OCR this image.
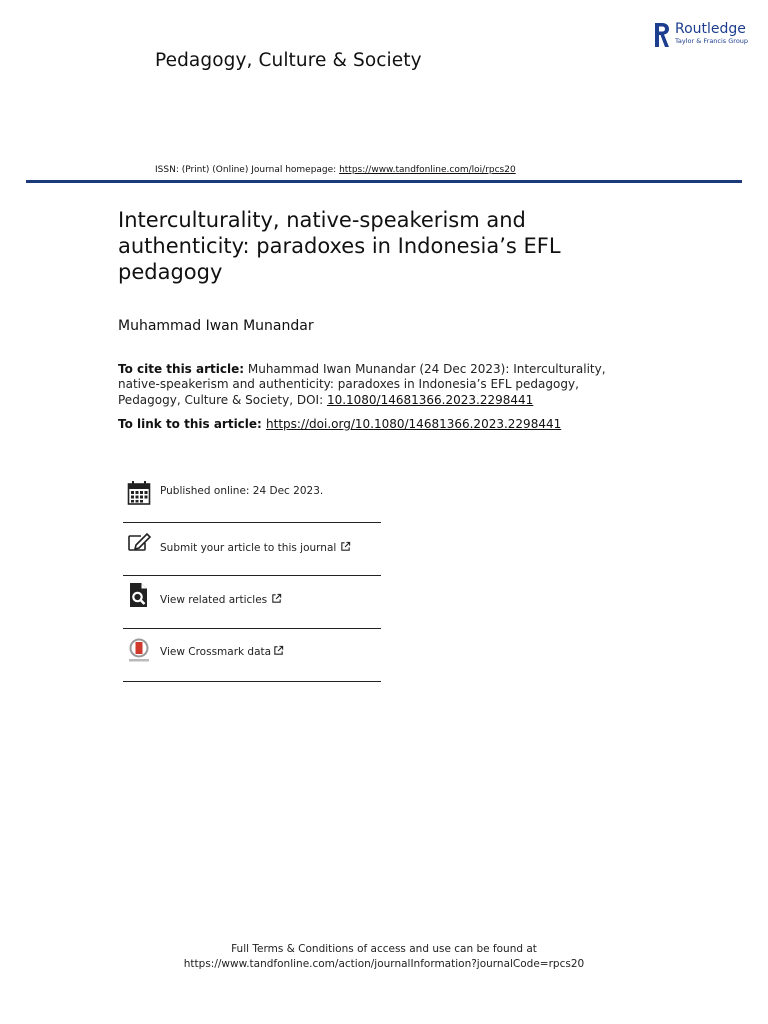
Pedagogy, Culture & Society
Routledge
Taylor & Francis Group
ISSN: (Print) (Online) Journal homepage: https://www.tandfonline.com/loi/rpcs20
Interculturality, native-speakerism and authenticity: paradoxes in Indonesia’s EFL pedagogy
Muhammad Iwan Munandar
To cite this article: Muhammad Iwan Munandar (24 Dec 2023): Interculturality, native-speakerism and authenticity: paradoxes in Indonesia’s EFL pedagogy, Pedagogy, Culture & Society, DOI: 10.1080/14681366.2023.2298441
To link to this article: https://doi.org/10.1080/14681366.2023.2298441
Published online: 24 Dec 2023.
Submit your article to this journal
View related articles
View Crossmark data
Full Terms & Conditions of access and use can be found at
https://www.tandfonline.com/action/journalInformation?journalCode=rpcs20
